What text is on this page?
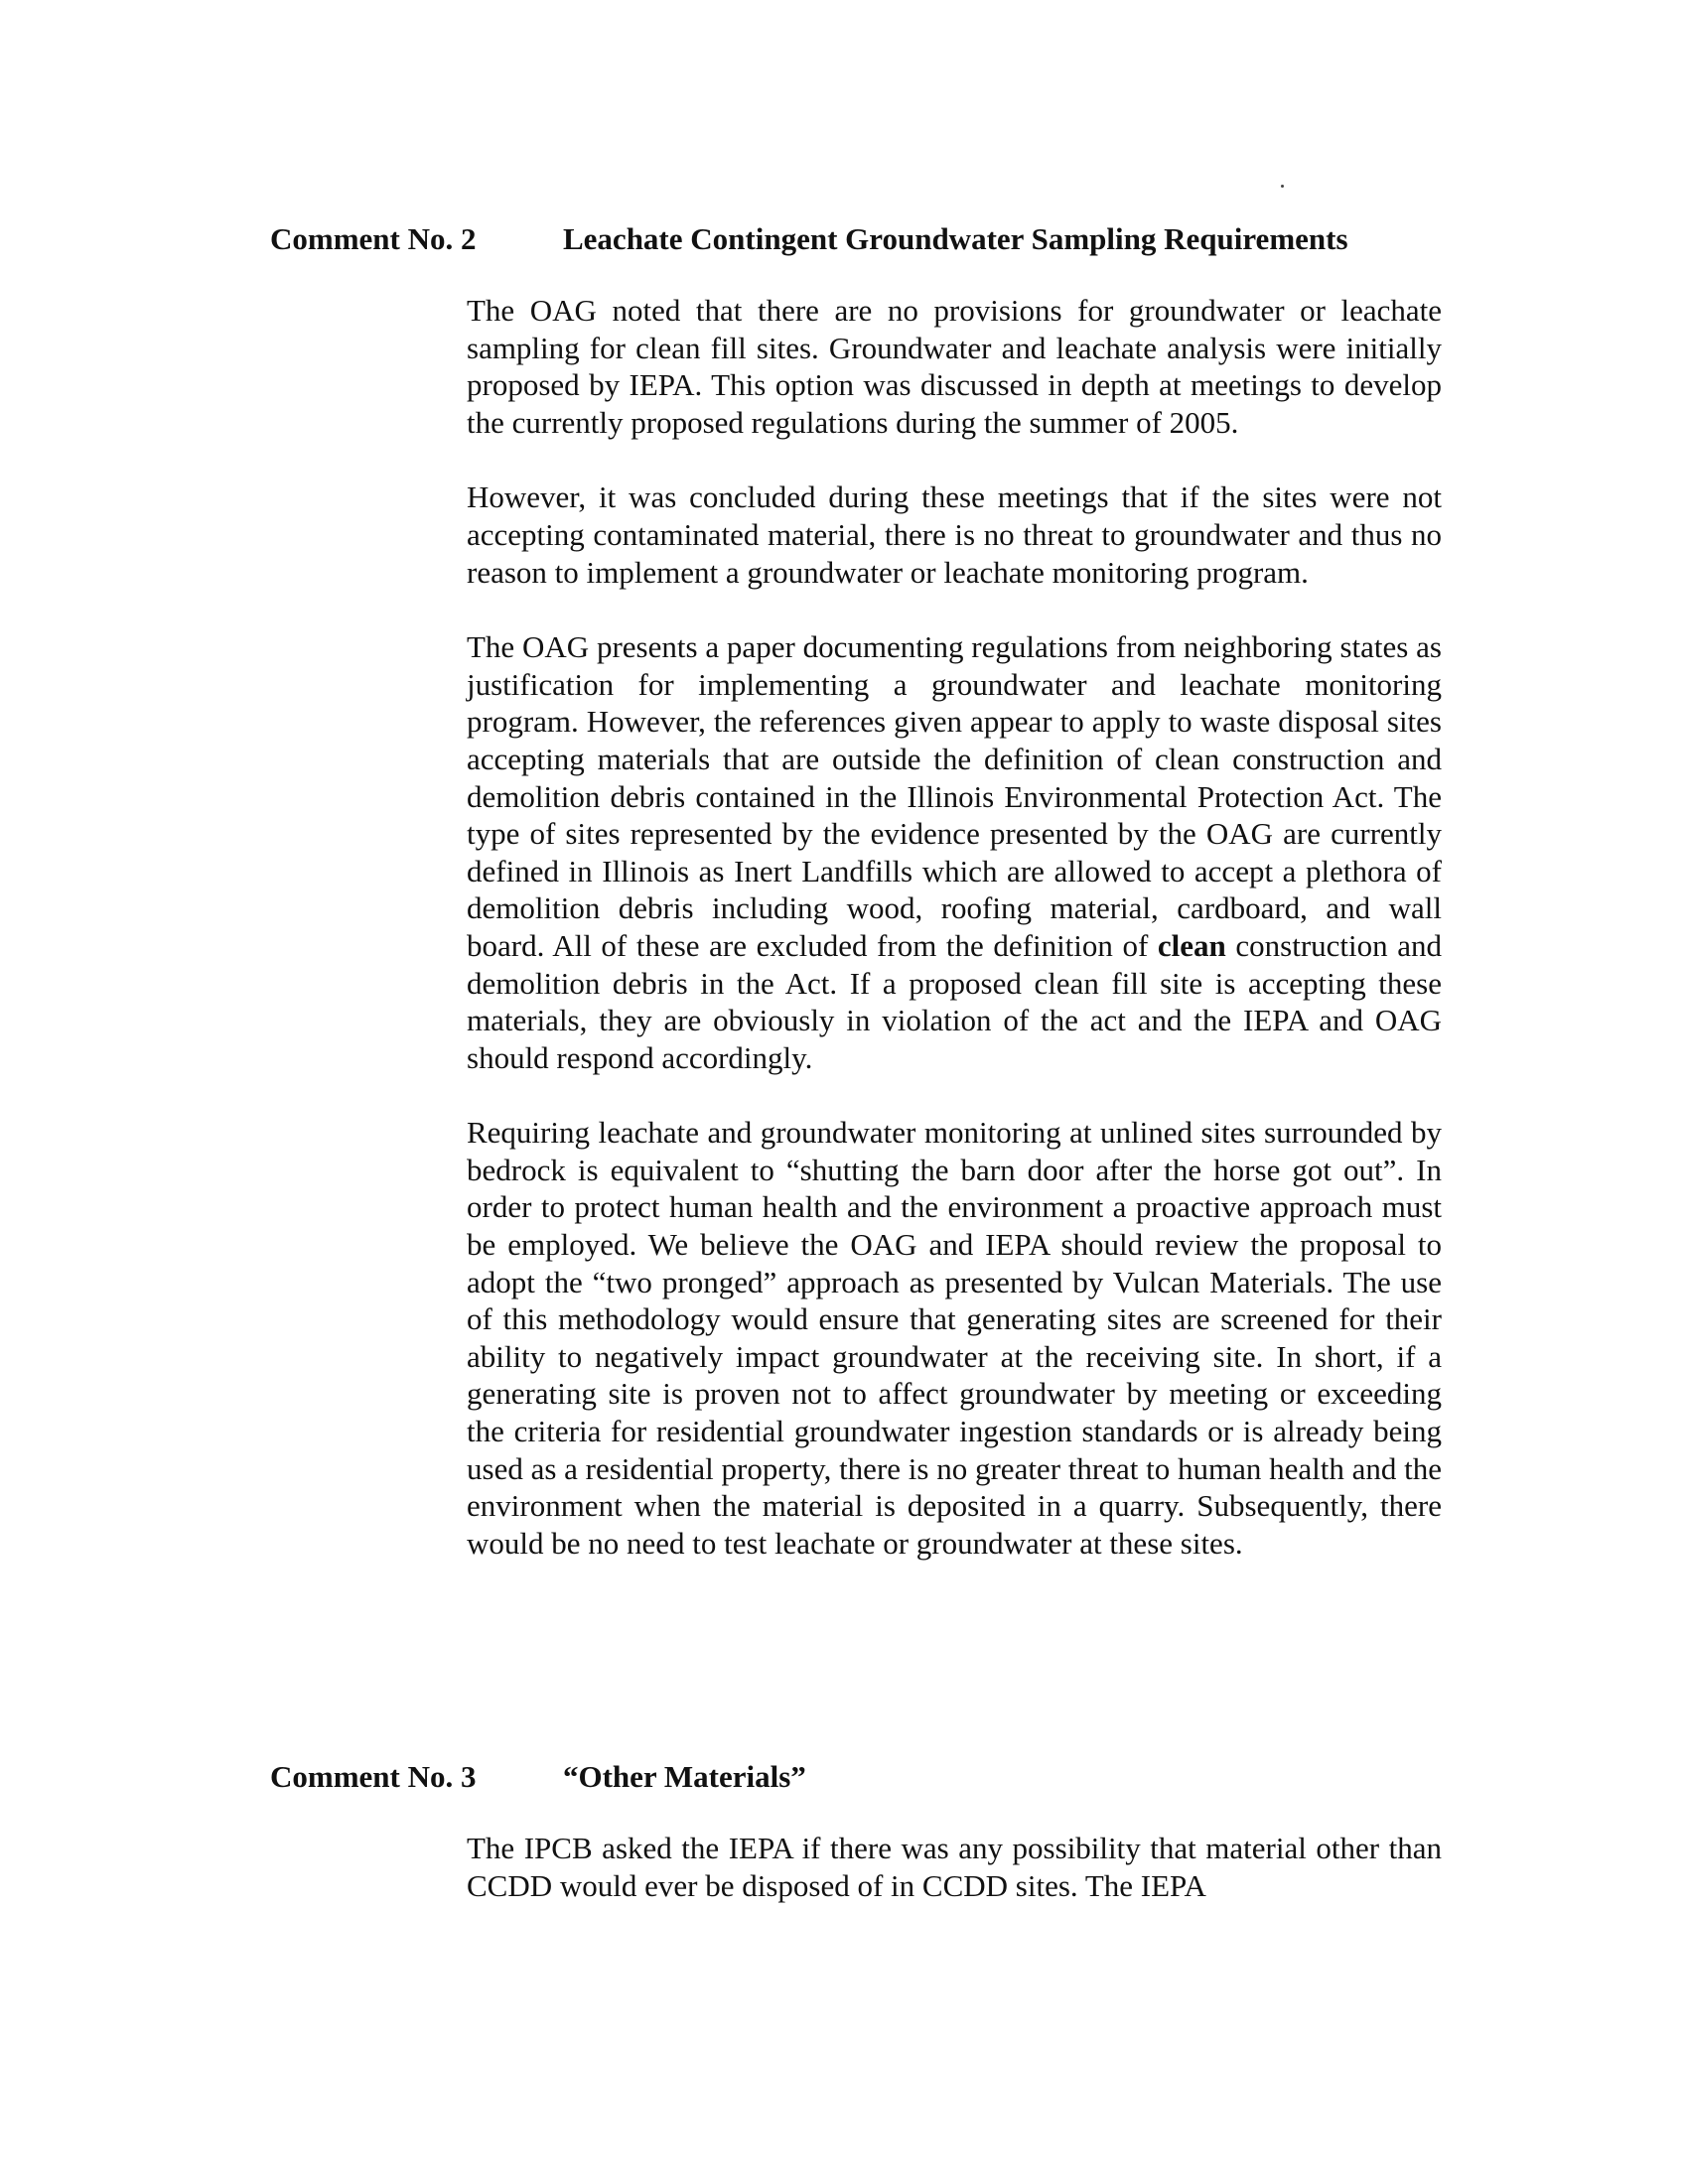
Comment No. 2	Leachate Contingent Groundwater Sampling Requirements

The OAG noted that there are no provisions for groundwater or leachate sampling for clean fill sites. Groundwater and leachate analysis were initially proposed by IEPA. This option was discussed in depth at meetings to develop the currently proposed regulations during the summer of 2005.

However, it was concluded during these meetings that if the sites were not accepting contaminated material, there is no threat to groundwater and thus no reason to implement a groundwater or leachate monitoring program.

The OAG presents a paper documenting regulations from neighboring states as justification for implementing a groundwater and leachate monitoring program. However, the references given appear to apply to waste disposal sites accepting materials that are outside the definition of clean construction and demolition debris contained in the Illinois Environmental Protection Act. The type of sites represented by the evidence presented by the OAG are currently defined in Illinois as Inert Landfills which are allowed to accept a plethora of demolition debris including wood, roofing material, cardboard, and wall board. All of these are excluded from the definition of clean construction and demolition debris in the Act. If a proposed clean fill site is accepting these materials, they are obviously in violation of the act and the IEPA and OAG should respond accordingly.

Requiring leachate and groundwater monitoring at unlined sites surrounded by bedrock is equivalent to “shutting the barn door after the horse got out”. In order to protect human health and the environment a proactive approach must be employed. We believe the OAG and IEPA should review the proposal to adopt the “two pronged” approach as presented by Vulcan Materials. The use of this methodology would ensure that generating sites are screened for their ability to negatively impact groundwater at the receiving site. In short, if a generating site is proven not to affect groundwater by meeting or exceeding the criteria for residential groundwater ingestion standards or is already being used as a residential property, there is no greater threat to human health and the environment when the material is deposited in a quarry. Subsequently, there would be no need to test leachate or groundwater at these sites.

Comment No. 3	“Other Materials”

The IPCB asked the IEPA if there was any possibility that material other than CCDD would ever be disposed of in CCDD sites. The IEPA
